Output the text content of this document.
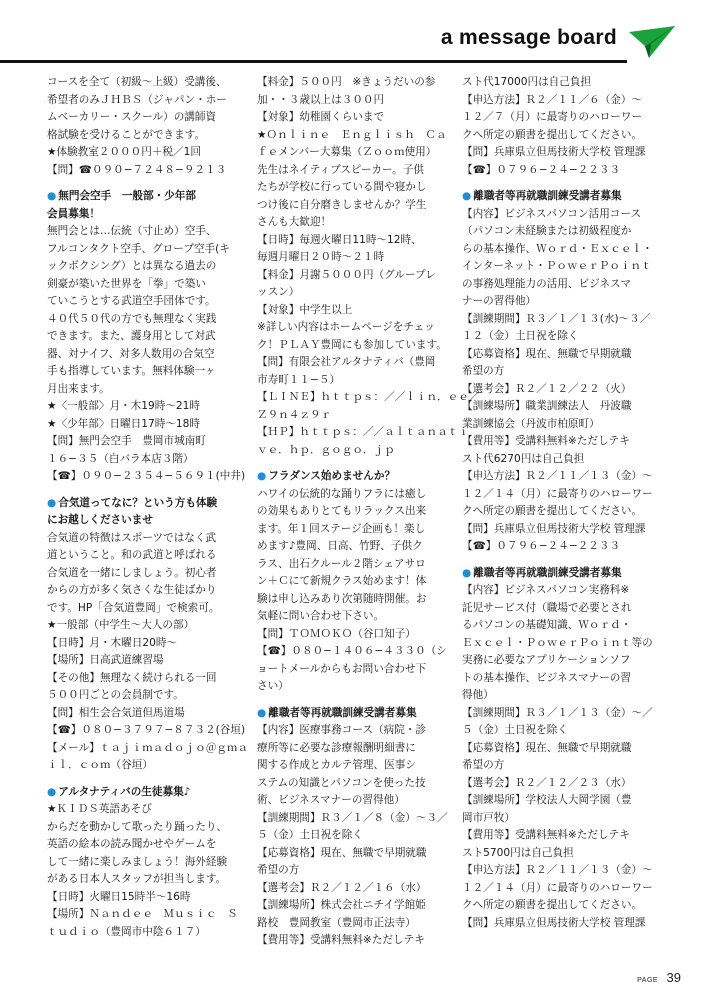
a message board
コースを全て（初級〜上級）受講後、
希望者のみＪＨＢＳ（ジャパン・ホー
ムベーカリー・スクール）の講師資
格試験を受けることができます。
★体験教室２０００円＋税／1回
【問】☎０９０−７２４８−９２１３
● 無門会空手　一般部・少年部
会員募集！
無門会とは…伝統（寸止め）空手、
フルコンタクト空手、グローブ空手(キ
ックボクシング）とは異なる過去の
剣豪が築いた世界を「拳」で築い
ていこうとする武道空手団体です。
４０代５０代の方でも無理なく実践
できます。また、護身用として対武
器、対ナイフ、対多人数用の合気空
手も指導しています。無料体験一ヶ
月出来ます。
★〈一般部〉月・木19時〜21時
★〈少年部〉日曜日17時〜18時
【問】無門会空手　豊岡市城南町
１６−３５（白バラ本店３階）
【☎】０９０−２３５４−５６９１(中井)
● 合気道ってなに？という方も体験
にお越しくださいませ
合気道の特徴はスポーツではなく武
道ということ。和の武道と呼ばれる
合気道を一緒にしましょう。初心者
からの方が多く気さくな生徒ばかり
です。HP「合気道豊岡」で検索可。
★一般部（中学生〜大人の部）
【日時】月・木曜日20時〜
【場所】日高武道練習場
【その他】無理なく続けられる一回
５００円ごとの会員制です。
【問】相生会合気道但馬道場
【☎】０８０−３７９７−８７３２(谷垣)
【メール】ｔａｊｉｍａｄｏｊｏ＠ｇｍａ
ｉｌ．ｃｏｍ（谷垣）
● アルタナティバの生徒募集♪
★ＫＩＤＳ英語あそび
からだを動かして歌ったり踊ったり、
英語の絵本の読み聞かせやゲームを
して一緒に楽しみましょう！海外経験
がある日本人スタッフが担当します。
【日時】火曜日15時半〜16時
【場所】Ｎａｎｄｅｅ　Ｍｕｓｉｃ　Ｓ
ｔｕｄｉｏ（豊岡市中陰６１７）
【料金】５００円　※きょうだいの参
加・・３歳以上は３００円
【対象】幼稚園くらいまで
★Ｏｎｌｉｎｅ　Ｅｎｇｌｉｓｈ　Ｃａ
ｆｅメンバー大募集（Ｚｏｏｍ使用）
先生はネイティブスピーカー。子供
たちが学校に行っている間や寝かし
つけ後に自分磨きしませんか？学生
さんも大歓迎！
【日時】毎週火曜日11時〜12時、
毎週月曜日２０時〜２１時
【料金】月謝５０００円（グループレ
ッスン）
【対象】中学生以上
※詳しい内容はホームページをチェッ
ク！ＰＬＡＹ豊岡にも参加しています。
【問】有限会社アルタナティバ（豊岡
市寿町１１−５）
【ＬＩＮＥ】ｈｔｔｐｓ：／／ｌｉｎ．ｅｅ／
Ｚ９ｎ４ｚ９ｒ
【ＨＰ】ｈｔｔｐｓ：／／ａｌｔａｎａｔｉ
ｖｅ．ｈｐ．ｇｏｇｏ．ｊｐ
● フラダンス始めませんか？
ハワイの伝統的な踊りフラには癒し
の効果もありとてもリラックス出来
ます。年１回ステージ企画も！楽し
めます♪豊岡、日高、竹野、子供ク
ラス、出石クルール２階シェアサロ
ン＋Ｃにて新規クラス始めます！体
験は申し込みあり次第随時開催。お
気軽に問い合わせ下さい。
【問】ＴＯＭＯＫＯ（谷口知子）
【☎】０８０−１４０６−４３３０（シ
ョートメールからもお問い合わせ下
さい）
● 離職者等再就職訓練受講者募集
【内容】医療事務コース（病院・診
療所等に必要な診療報酬明細書に
関する作成とカルテ管理、医事シ
ステムの知識とパソコンを使った技
術、ビジネスマナーの習得他）
【訓練期間】Ｒ３／１／８（金）〜３／
５（金）土日祝を除く
【応募資格】現在、無職で早期就職
希望の方
【選考会】Ｒ２／１２／１６（水）
【訓練場所】株式会社ニチイ学館姫
路校　豊岡教室（豊岡市正法寺）
【費用等】受講料無料※ただしテキ
スト代17000円は自己負担
【申込方法】Ｒ２／１１／６（金）〜
１２／７（月）に最寄りのハローワー
クへ所定の願書を提出してください。
【問】兵庫県立但馬技術大学校 管理課
【☎】０７９６−２４−２２３３
● 離職者等再就職訓練受講者募集
【内容】ビジネスパソコン活用コース
（パソコン未経験または初級程度か
らの基本操作、Ｗｏｒｄ・Ｅｘｃｅｌ・
インターネット・ＰｏｗｅｒＰｏｉｎｔ
の事務処理能力の活用、ビジネスマ
ナーの習得他）
【訓練期間】Ｒ３／１／１３(水)〜３／
１２（金）土日祝を除く
【応募資格】現在、無職で早期就職
希望の方
【選考会】Ｒ２／１２／２２（火）
【訓練場所】職業訓練法人　丹波職
業訓練協会（丹波市柏原町）
【費用等】受講料無料※ただしテキ
スト代6270円は自己負担
【申込方法】Ｒ２／１１／１３（金）〜
１２／１４（月）に最寄りのハローワー
クへ所定の願書を提出してください。
【問】兵庫県立但馬技術大学校 管理課
【☎】０７９６−２４−２２３３
● 離職者等再就職訓練受講者募集
【内容】ビジネスパソコン実務科※
託児サービス付（職場で必要とされ
るパソコンの基礎知識、Ｗｏｒｄ・
Ｅｘｃｅｌ・ＰｏｗｅｒＰｏｉｎｔ等の
実務に必要なアプリケーションソフ
トの基本操作、ビジネスマナーの習
得他）
【訓練期間】Ｒ３／１／１３（金）〜／
５（金）土日祝を除く
【応募資格】現在、無職で早期就職
希望の方
【選考会】Ｒ２／１２／２３（水）
【訓練場所】学校法人大岡学園（豊
岡市戸牧）
【費用等】受講料無料※ただしテキ
スト5700円は自己負担
【申込方法】Ｒ２／１１／１３（金）〜
１２／１４（月）に最寄りのハローワー
クへ所定の願書を提出してください。
【問】兵庫県立但馬技術大学校 管理課
PAGE 39
